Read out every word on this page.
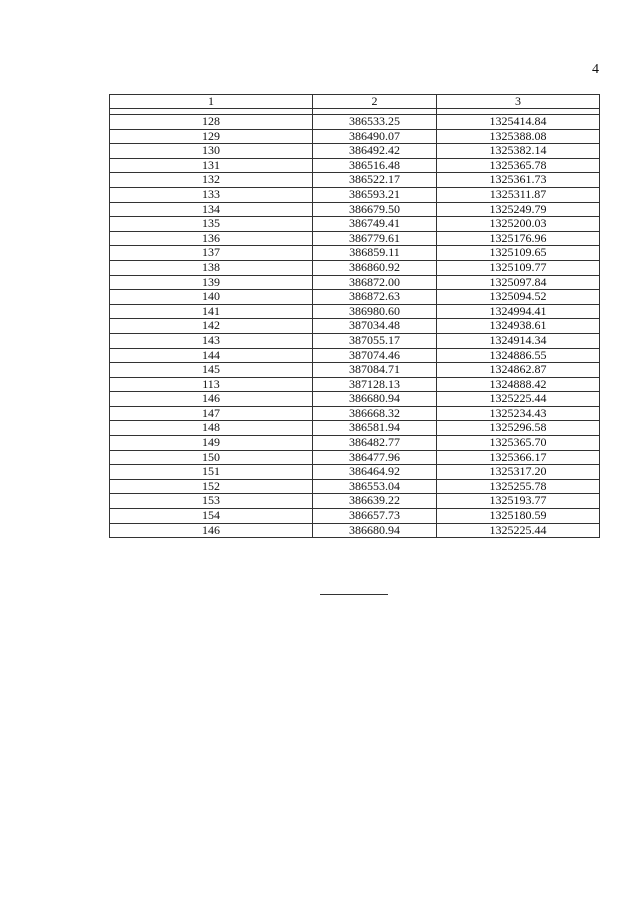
4
1	2	3

128	386533.25	1325414.84
129	386490.07	1325388.08
130	386492.42	1325382.14
131	386516.48	1325365.78
132	386522.17	1325361.73
133	386593.21	1325311.87
134	386679.50	1325249.79
135	386749.41	1325200.03
136	386779.61	1325176.96
137	386859.11	1325109.65
138	386860.92	1325109.77
139	386872.00	1325097.84
140	386872.63	1325094.52
141	386980.60	1324994.41
142	387034.48	1324938.61
143	387055.17	1324914.34
144	387074.46	1324886.55
145	387084.71	1324862.87
113	387128.13	1324888.42
146	386680.94	1325225.44
147	386668.32	1325234.43
148	386581.94	1325296.58
149	386482.77	1325365.70
150	386477.96	1325366.17
151	386464.92	1325317.20
152	386553.04	1325255.78
153	386639.22	1325193.77
154	386657.73	1325180.59
146	386680.94	1325225.44
